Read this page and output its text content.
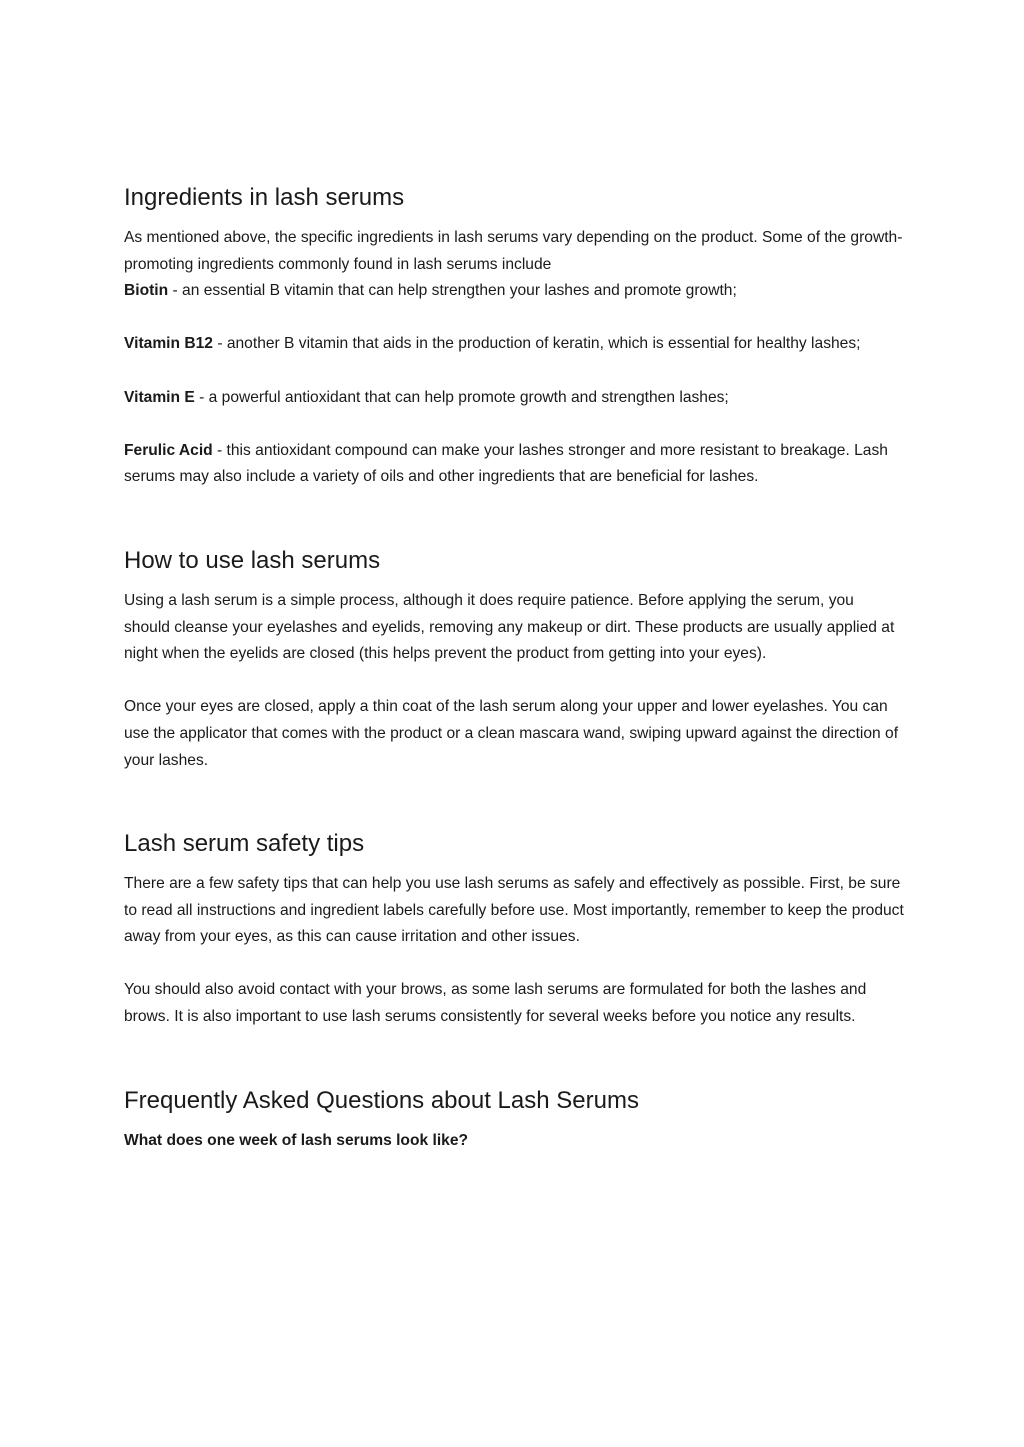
Ingredients in lash serums

As mentioned above, the specific ingredients in lash serums vary depending on the product. Some of the growth-promoting ingredients commonly found in lash serums include
Biotin - an essential B vitamin that can help strengthen your lashes and promote growth;

Vitamin B12 - another B vitamin that aids in the production of keratin, which is essential for healthy lashes;

Vitamin E - a powerful antioxidant that can help promote growth and strengthen lashes;

Ferulic Acid - this antioxidant compound can make your lashes stronger and more resistant to breakage. Lash serums may also include a variety of oils and other ingredients that are beneficial for lashes.

How to use lash serums

Using a lash serum is a simple process, although it does require patience. Before applying the serum, you should cleanse your eyelashes and eyelids, removing any makeup or dirt. These products are usually applied at night when the eyelids are closed (this helps prevent the product from getting into your eyes).

Once your eyes are closed, apply a thin coat of the lash serum along your upper and lower eyelashes. You can use the applicator that comes with the product or a clean mascara wand, swiping upward against the direction of your lashes.

Lash serum safety tips

There are a few safety tips that can help you use lash serums as safely and effectively as possible. First, be sure to read all instructions and ingredient labels carefully before use. Most importantly, remember to keep the product away from your eyes, as this can cause irritation and other issues.

You should also avoid contact with your brows, as some lash serums are formulated for both the lashes and brows. It is also important to use lash serums consistently for several weeks before you notice any results.

Frequently Asked Questions about Lash Serums

What does one week of lash serums look like?
